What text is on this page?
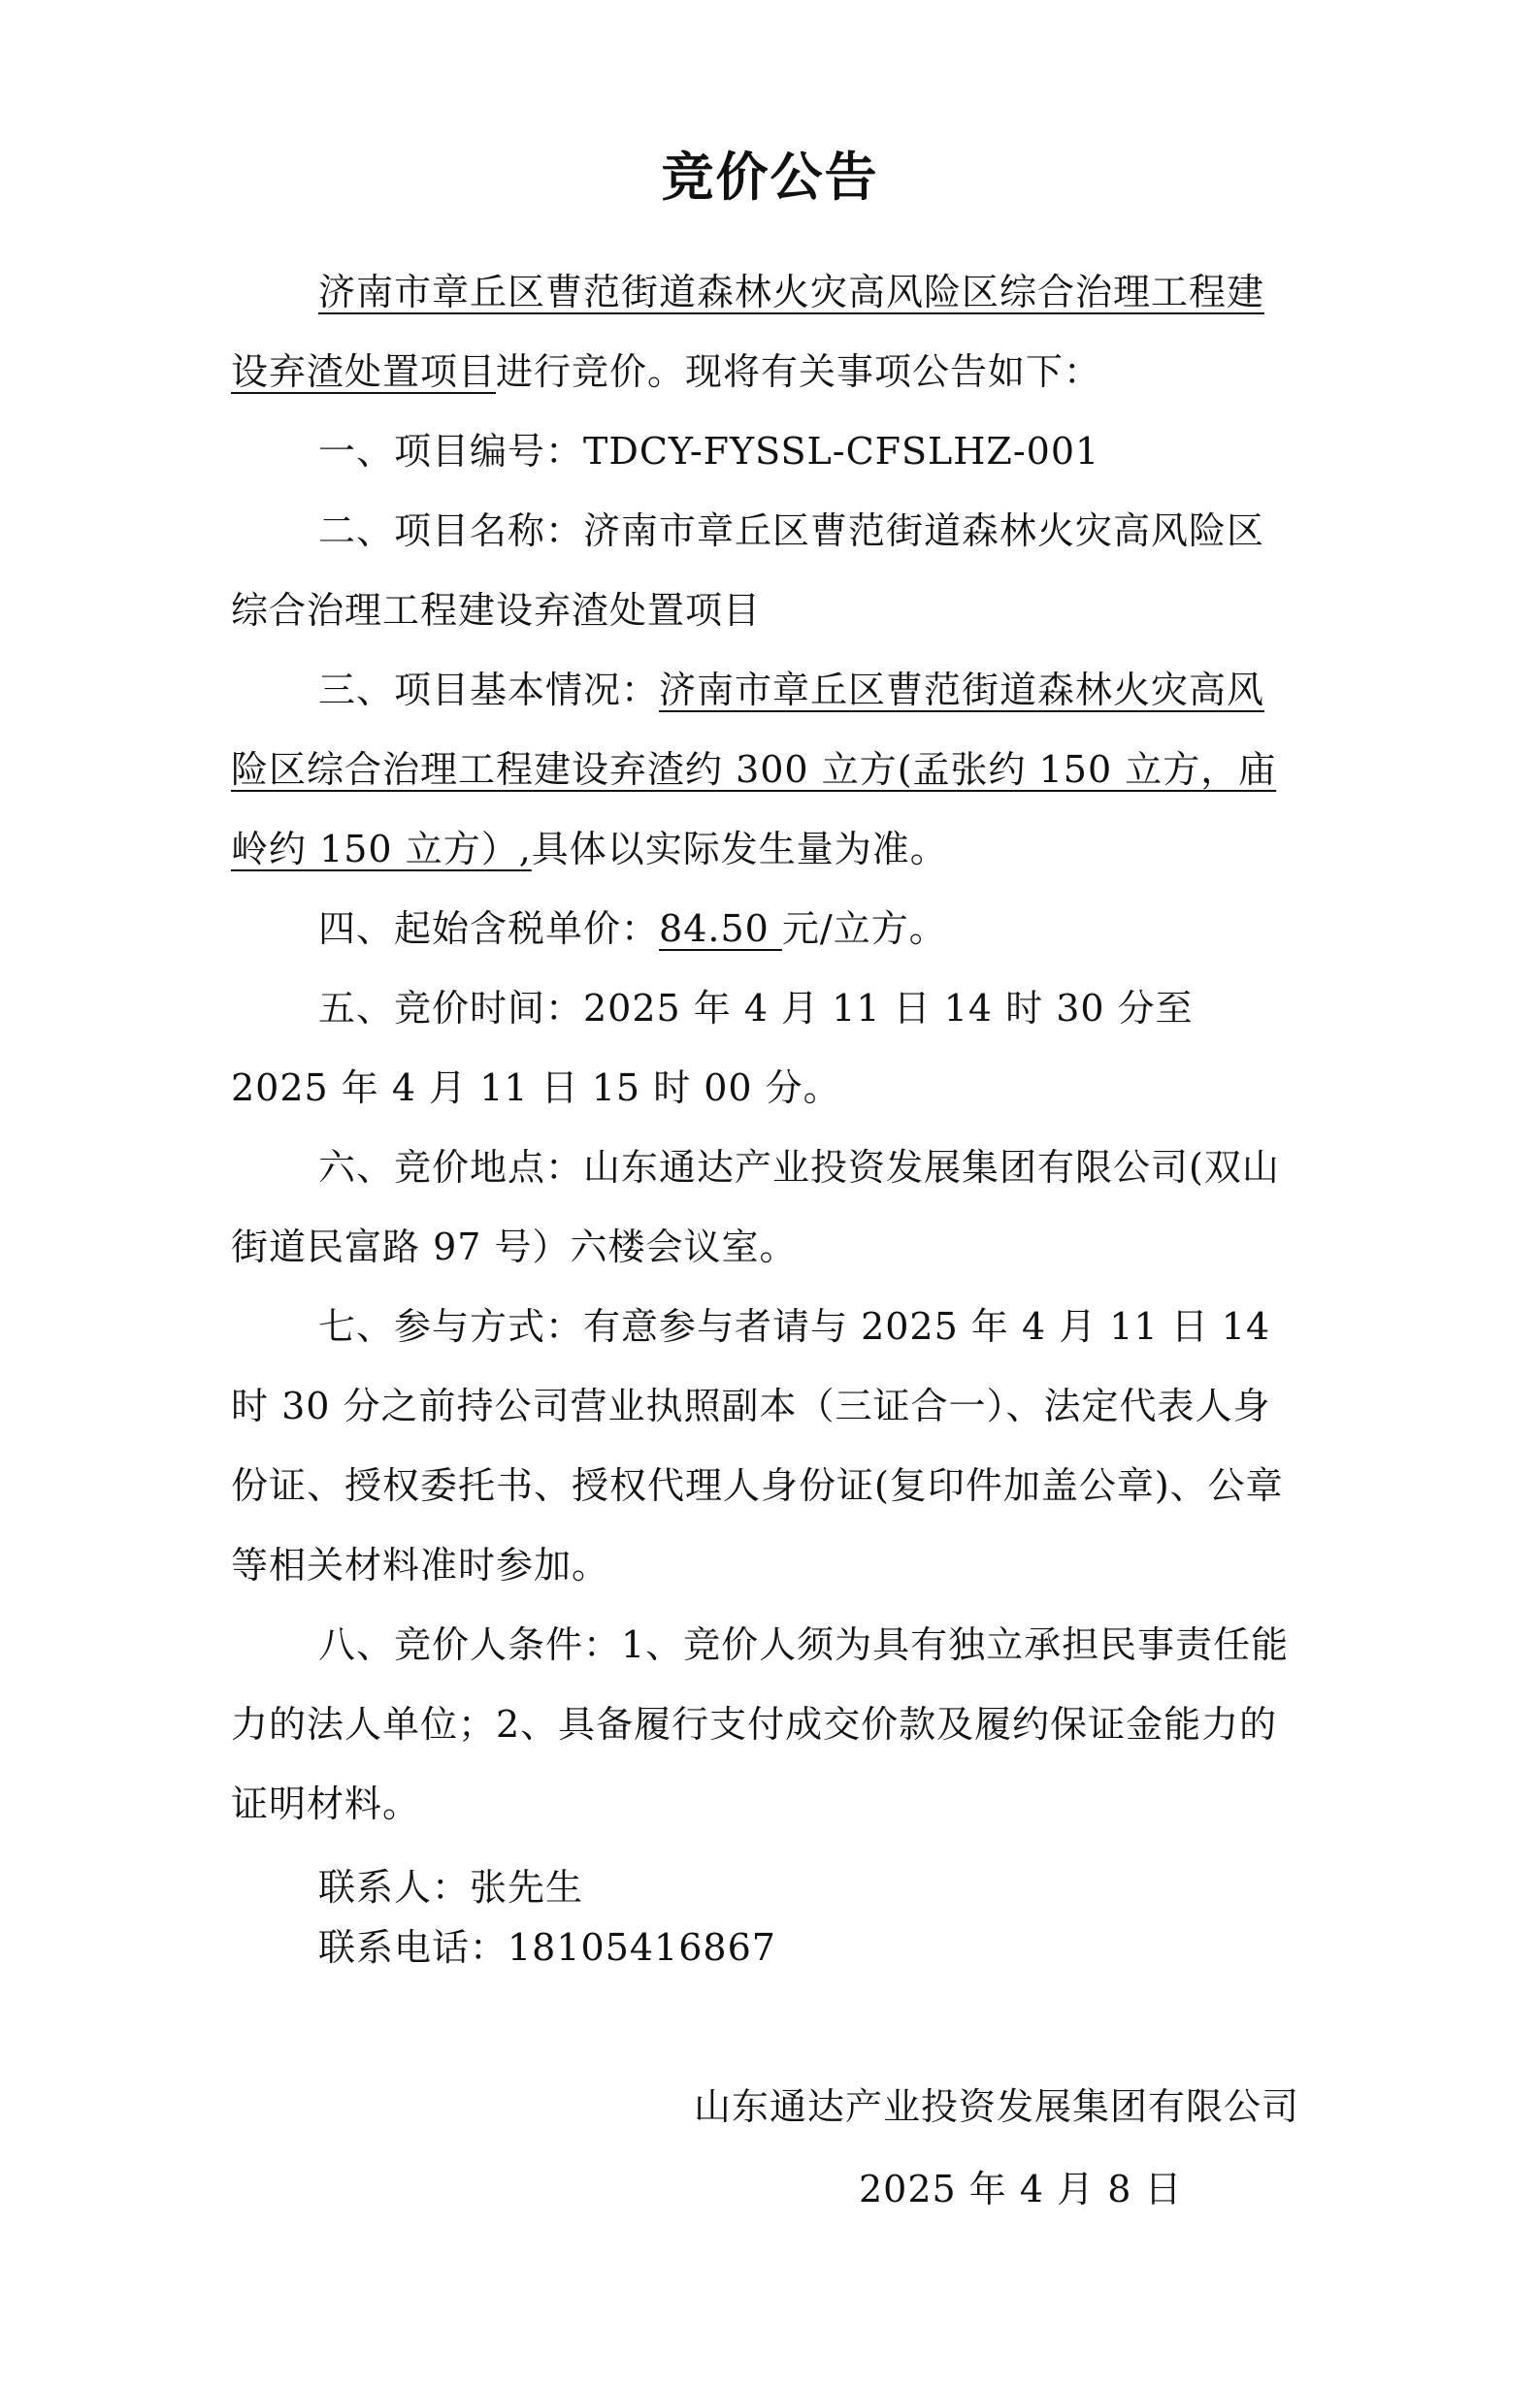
竞价公告

济南市章丘区曹范街道森林火灾高风险区综合治理工程建设弃渣处置项目进行竞价。现将有关事项公告如下：

一、项目编号：TDCY-FYSSL-CFSLHZ-001

二、项目名称：济南市章丘区曹范街道森林火灾高风险区综合治理工程建设弃渣处置项目

三、项目基本情况：济南市章丘区曹范街道森林火灾高风险区综合治理工程建设弃渣约 300 立方(孟张约 150 立方，庙岭约 150 立方）,具体以实际发生量为准。

四、起始含税单价：84.50 元/立方。

五、竞价时间：2025 年 4 月 11 日 14 时 30 分至 2025 年 4 月 11 日 15 时 00 分。

六、竞价地点：山东通达产业投资发展集团有限公司(双山街道民富路 97 号）六楼会议室。

七、参与方式：有意参与者请与 2025 年 4 月 11 日 14 时 30 分之前持公司营业执照副本（三证合一）、法定代表人身份证、授权委托书、授权代理人身份证(复印件加盖公章)、公章等相关材料准时参加。

八、竞价人条件：1、竞价人须为具有独立承担民事责任能力的法人单位；2、具备履行支付成交价款及履约保证金能力的证明材料。

联系人：张先生

联系电话：18105416867

山东通达产业投资发展集团有限公司
2025 年 4 月 8 日
